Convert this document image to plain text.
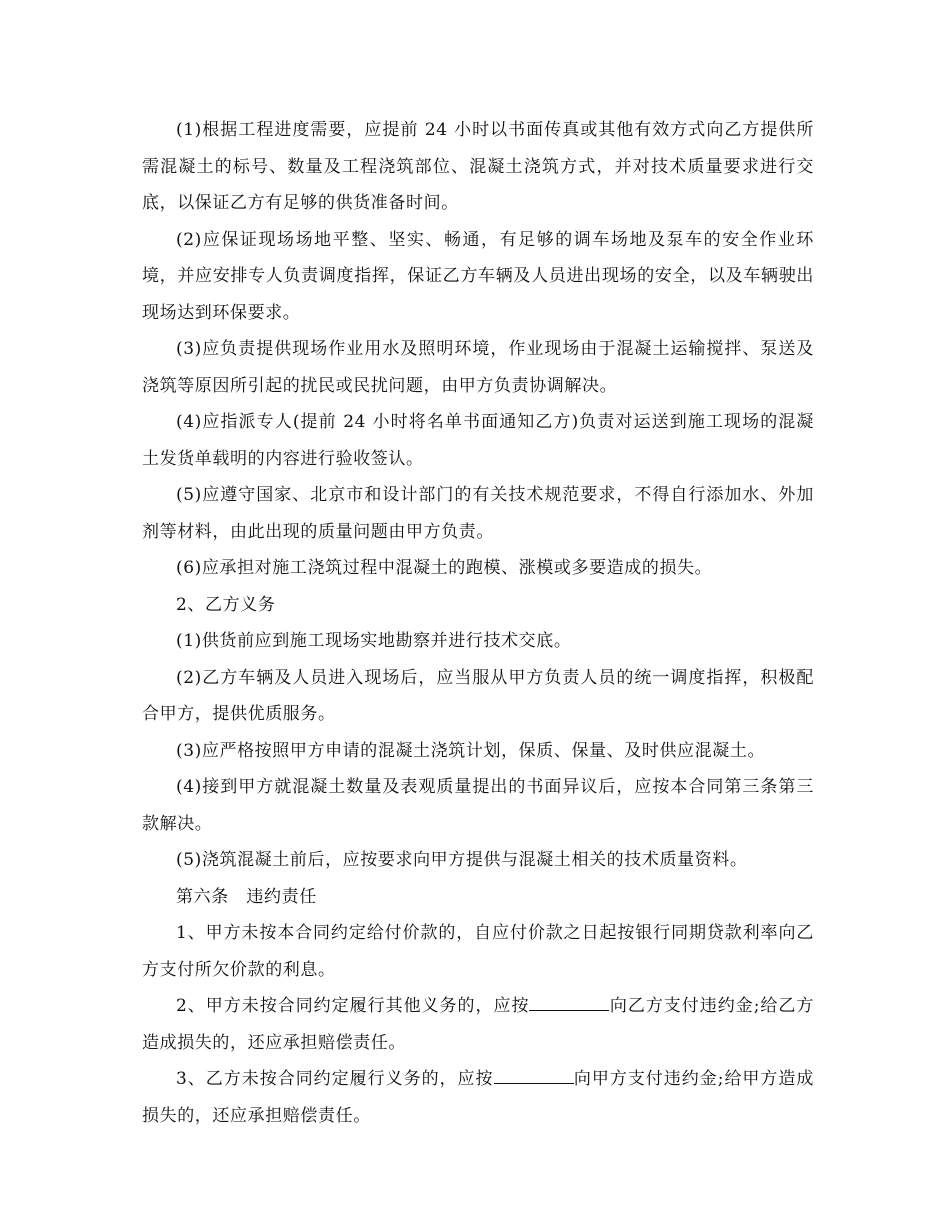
(1)根据工程进度需要，应提前 24 小时以书面传真或其他有效方式向乙方提供所需混凝土的标号、数量及工程浇筑部位、混凝土浇筑方式，并对技术质量要求进行交底，以保证乙方有足够的供货准备时间。

(2)应保证现场场地平整、坚实、畅通，有足够的调车场地及泵车的安全作业环境，并应安排专人负责调度指挥，保证乙方车辆及人员进出现场的安全，以及车辆驶出现场达到环保要求。

(3)应负责提供现场作业用水及照明环境，作业现场由于混凝土运输搅拌、泵送及浇筑等原因所引起的扰民或民扰问题，由甲方负责协调解决。

(4)应指派专人(提前 24 小时将名单书面通知乙方)负责对运送到施工现场的混凝土发货单载明的内容进行验收签认。

(5)应遵守国家、北京市和设计部门的有关技术规范要求，不得自行添加水、外加剂等材料，由此出现的质量问题由甲方负责。

(6)应承担对施工浇筑过程中混凝土的跑模、涨模或多要造成的损失。

2、乙方义务

(1)供货前应到施工现场实地勘察并进行技术交底。

(2)乙方车辆及人员进入现场后，应当服从甲方负责人员的统一调度指挥，积极配合甲方，提供优质服务。

(3)应严格按照甲方申请的混凝土浇筑计划，保质、保量、及时供应混凝土。

(4)接到甲方就混凝土数量及表观质量提出的书面异议后，应按本合同第三条第三款解决。

(5)浇筑混凝土前后，应按要求向甲方提供与混凝土相关的技术质量资料。

第六条　违约责任

1、甲方未按本合同约定给付价款的，自应付价款之日起按银行同期贷款利率向乙方支付所欠价款的利息。

2、甲方未按合同约定履行其他义务的，应按	向乙方支付违约金;给乙方造成损失的，还应承担赔偿责任。

3、乙方未按合同约定履行义务的，应按	向甲方支付违约金;给甲方造成损失的，还应承担赔偿责任。
